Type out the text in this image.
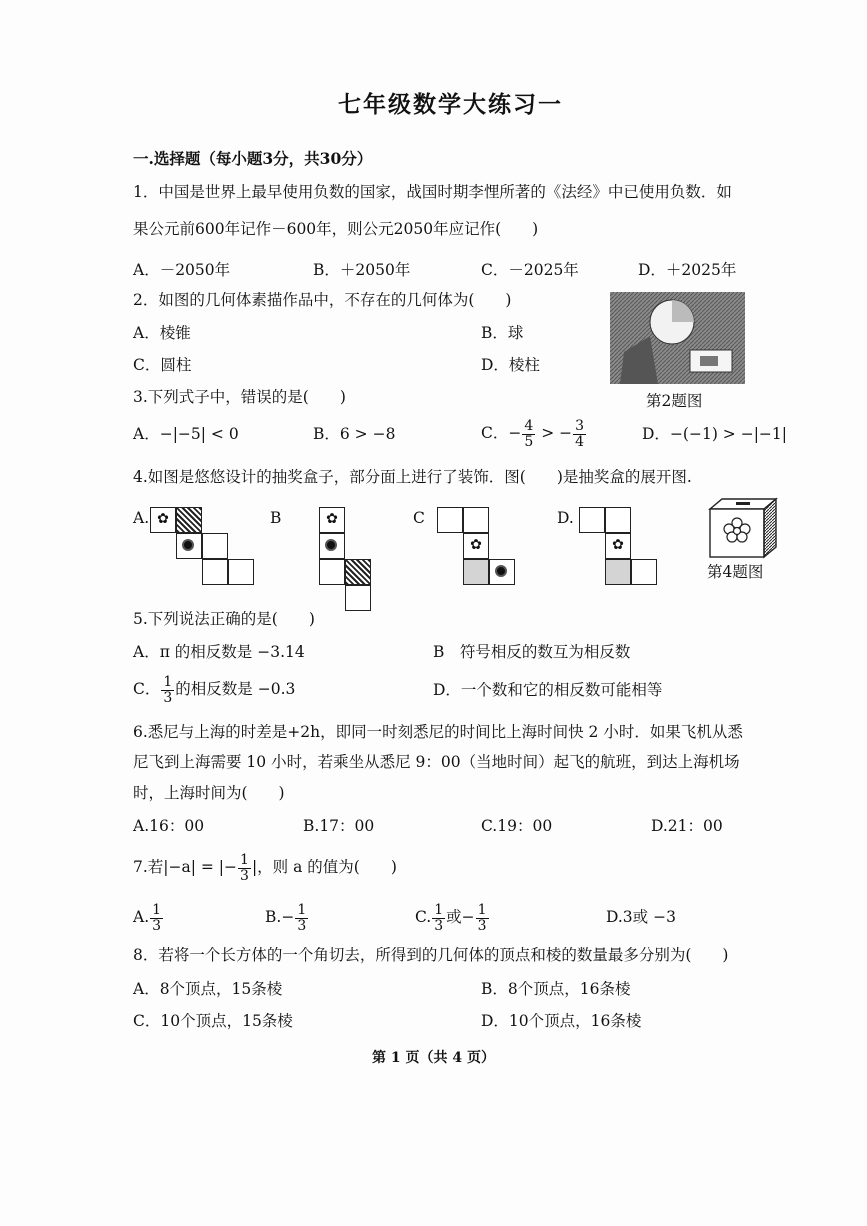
七年级数学大练习一
一.选择题（每小题3分，共30分）
1．中国是世界上最早使用负数的国家，战国时期李悝所著的《法经》中已使用负数．如
果公元前600年记作－600年，则公元2050年应记作(　　)
A．－2050年	B．＋2050年	C．－2025年	D．＋2025年
2．如图的几何体素描作品中，不存在的几何体为(　　)
A．棱锥	B．球
C．圆柱	D．棱柱
第2题图
3.下列式子中，错误的是(　　)
A．−|−5| < 0	B．6 > −8	C．− $\frac{4}{5}$ > − $\frac{3}{4}$	D．−(−1) > −|−1|
4.如图是悠悠设计的抽奖盒子，部分面上进行了装饰．图(　　)是抽奖盒的展开图.
A. ✿	B	✿	C
✿
D.
✿
第4题图
5.下列说法正确的是(　　)
A．π 的相反数是 −3.14	B　符号相反的数互为相反数
C． $\frac{1}{3}$ 的相反数是 −0.3	D．一个数和它的相反数可能相等
6.悉尼与上海的时差是+2h，即同一时刻悉尼的时间比上海时间快 2 小时．如果飞机从悉
尼飞到上海需要 10 小时，若乘坐从悉尼 9：00（当地时间）起飞的航班，到达上海机场
时，上海时间为(　　)
A.16：00	B.17：00	C.19：00	D.21：00
7.若|−a| = |− $\frac{1}{3}$ |，则 a 的值为(　　)
A. $\frac{1}{3}$	$B.- \frac{1}{3}$	C. $\frac{1}{3}$ 或− $\frac{1}{3}$	D.3或 −3
8．若将一个长方体的一个角切去，所得到的几何体的顶点和棱的数量最多分别为(　　)
A．8个顶点，15条棱	B．8个顶点，16条棱
C．10个顶点，15条棱	D．10个顶点，16条棱
第 1 页（共 4 页）
